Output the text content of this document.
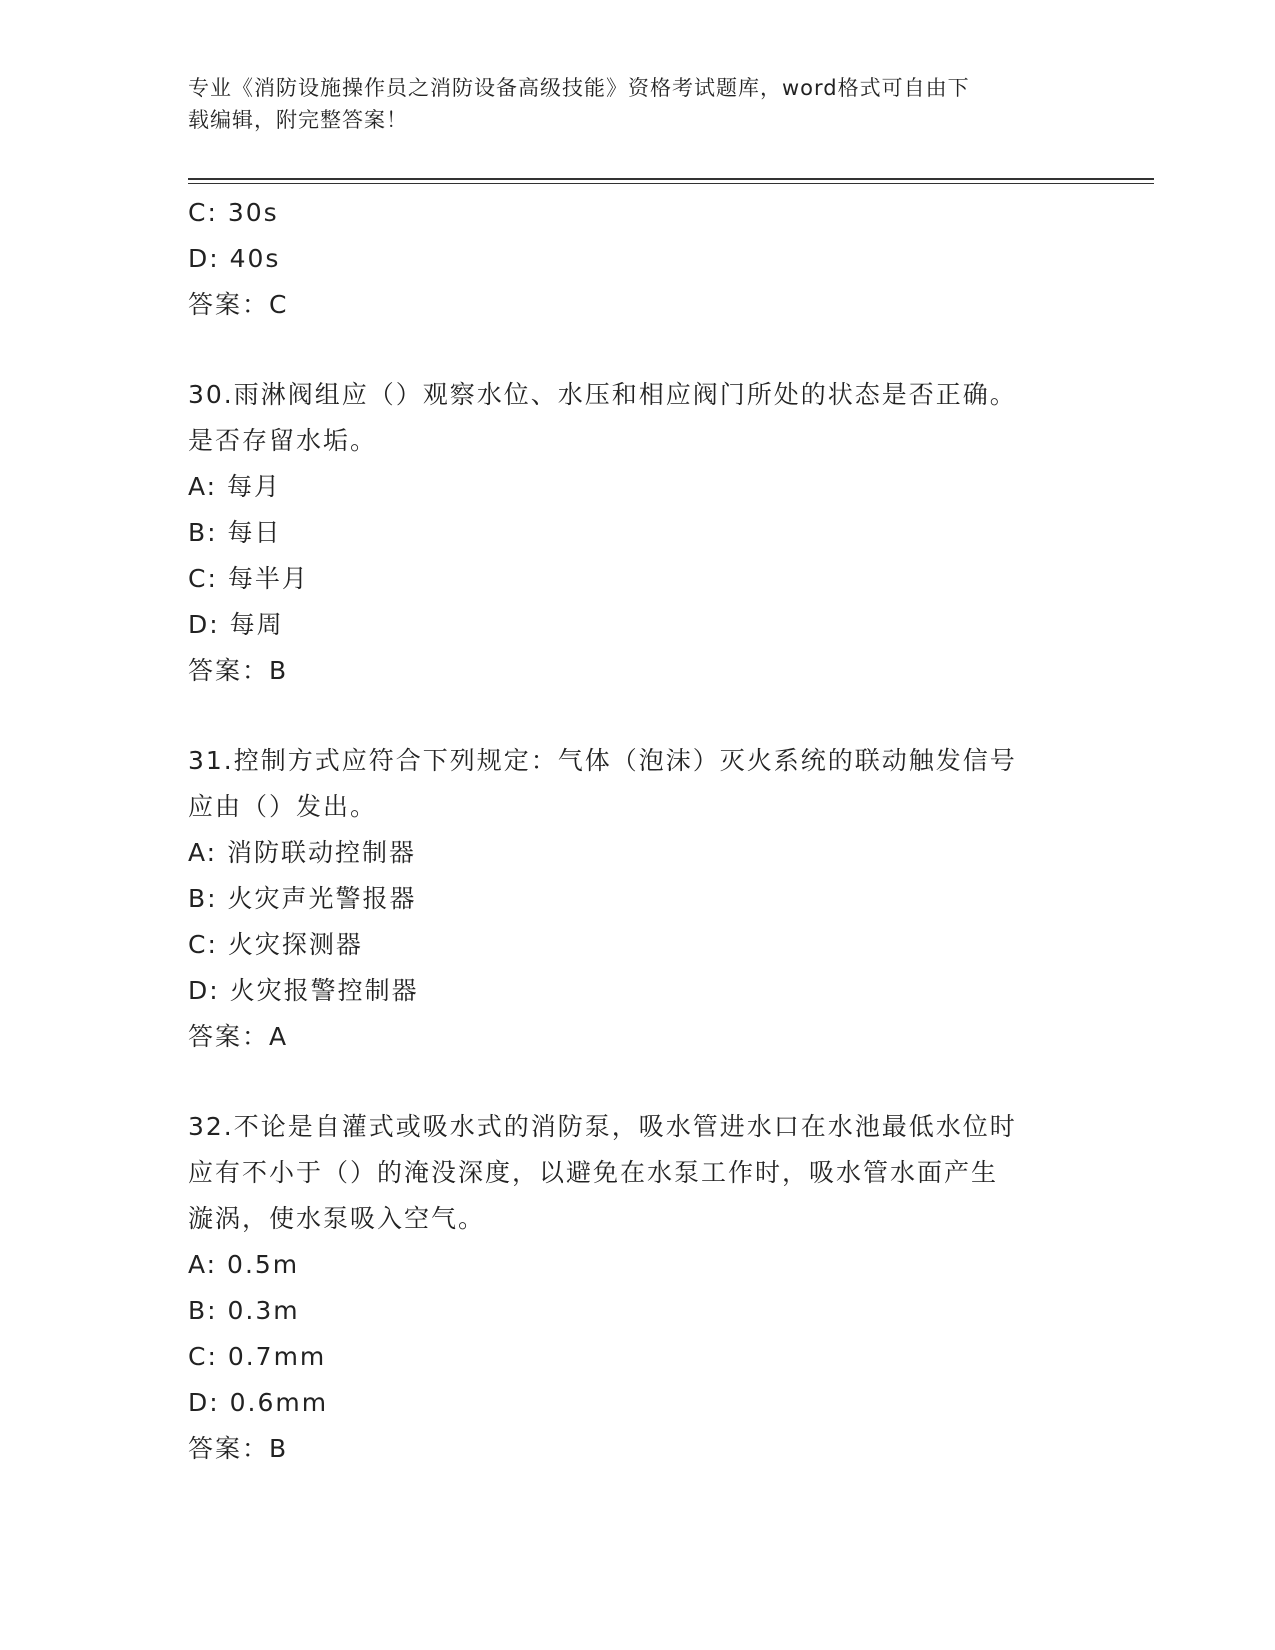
专业《消防设施操作员之消防设备高级技能》资格考试题库，word格式可自由下
载编辑，附完整答案！
C: 30s
D: 40s
答案：C
30.雨淋阀组应（）观察水位、水压和相应阀门所处的状态是否正确。
是否存留水垢。
A: 每月
B: 每日
C: 每半月
D: 每周
答案：B
31.控制方式应符合下列规定：气体（泡沫）灭火系统的联动触发信号
应由（）发出。
A: 消防联动控制器
B: 火灾声光警报器
C: 火灾探测器
D: 火灾报警控制器
答案：A
32.不论是自灌式或吸水式的消防泵，吸水管进水口在水池最低水位时
应有不小于（）的淹没深度，以避免在水泵工作时，吸水管水面产生
漩涡，使水泵吸入空气。
A: 0.5m
B: 0.3m
C: 0.7mm
D: 0.6mm
答案：B
